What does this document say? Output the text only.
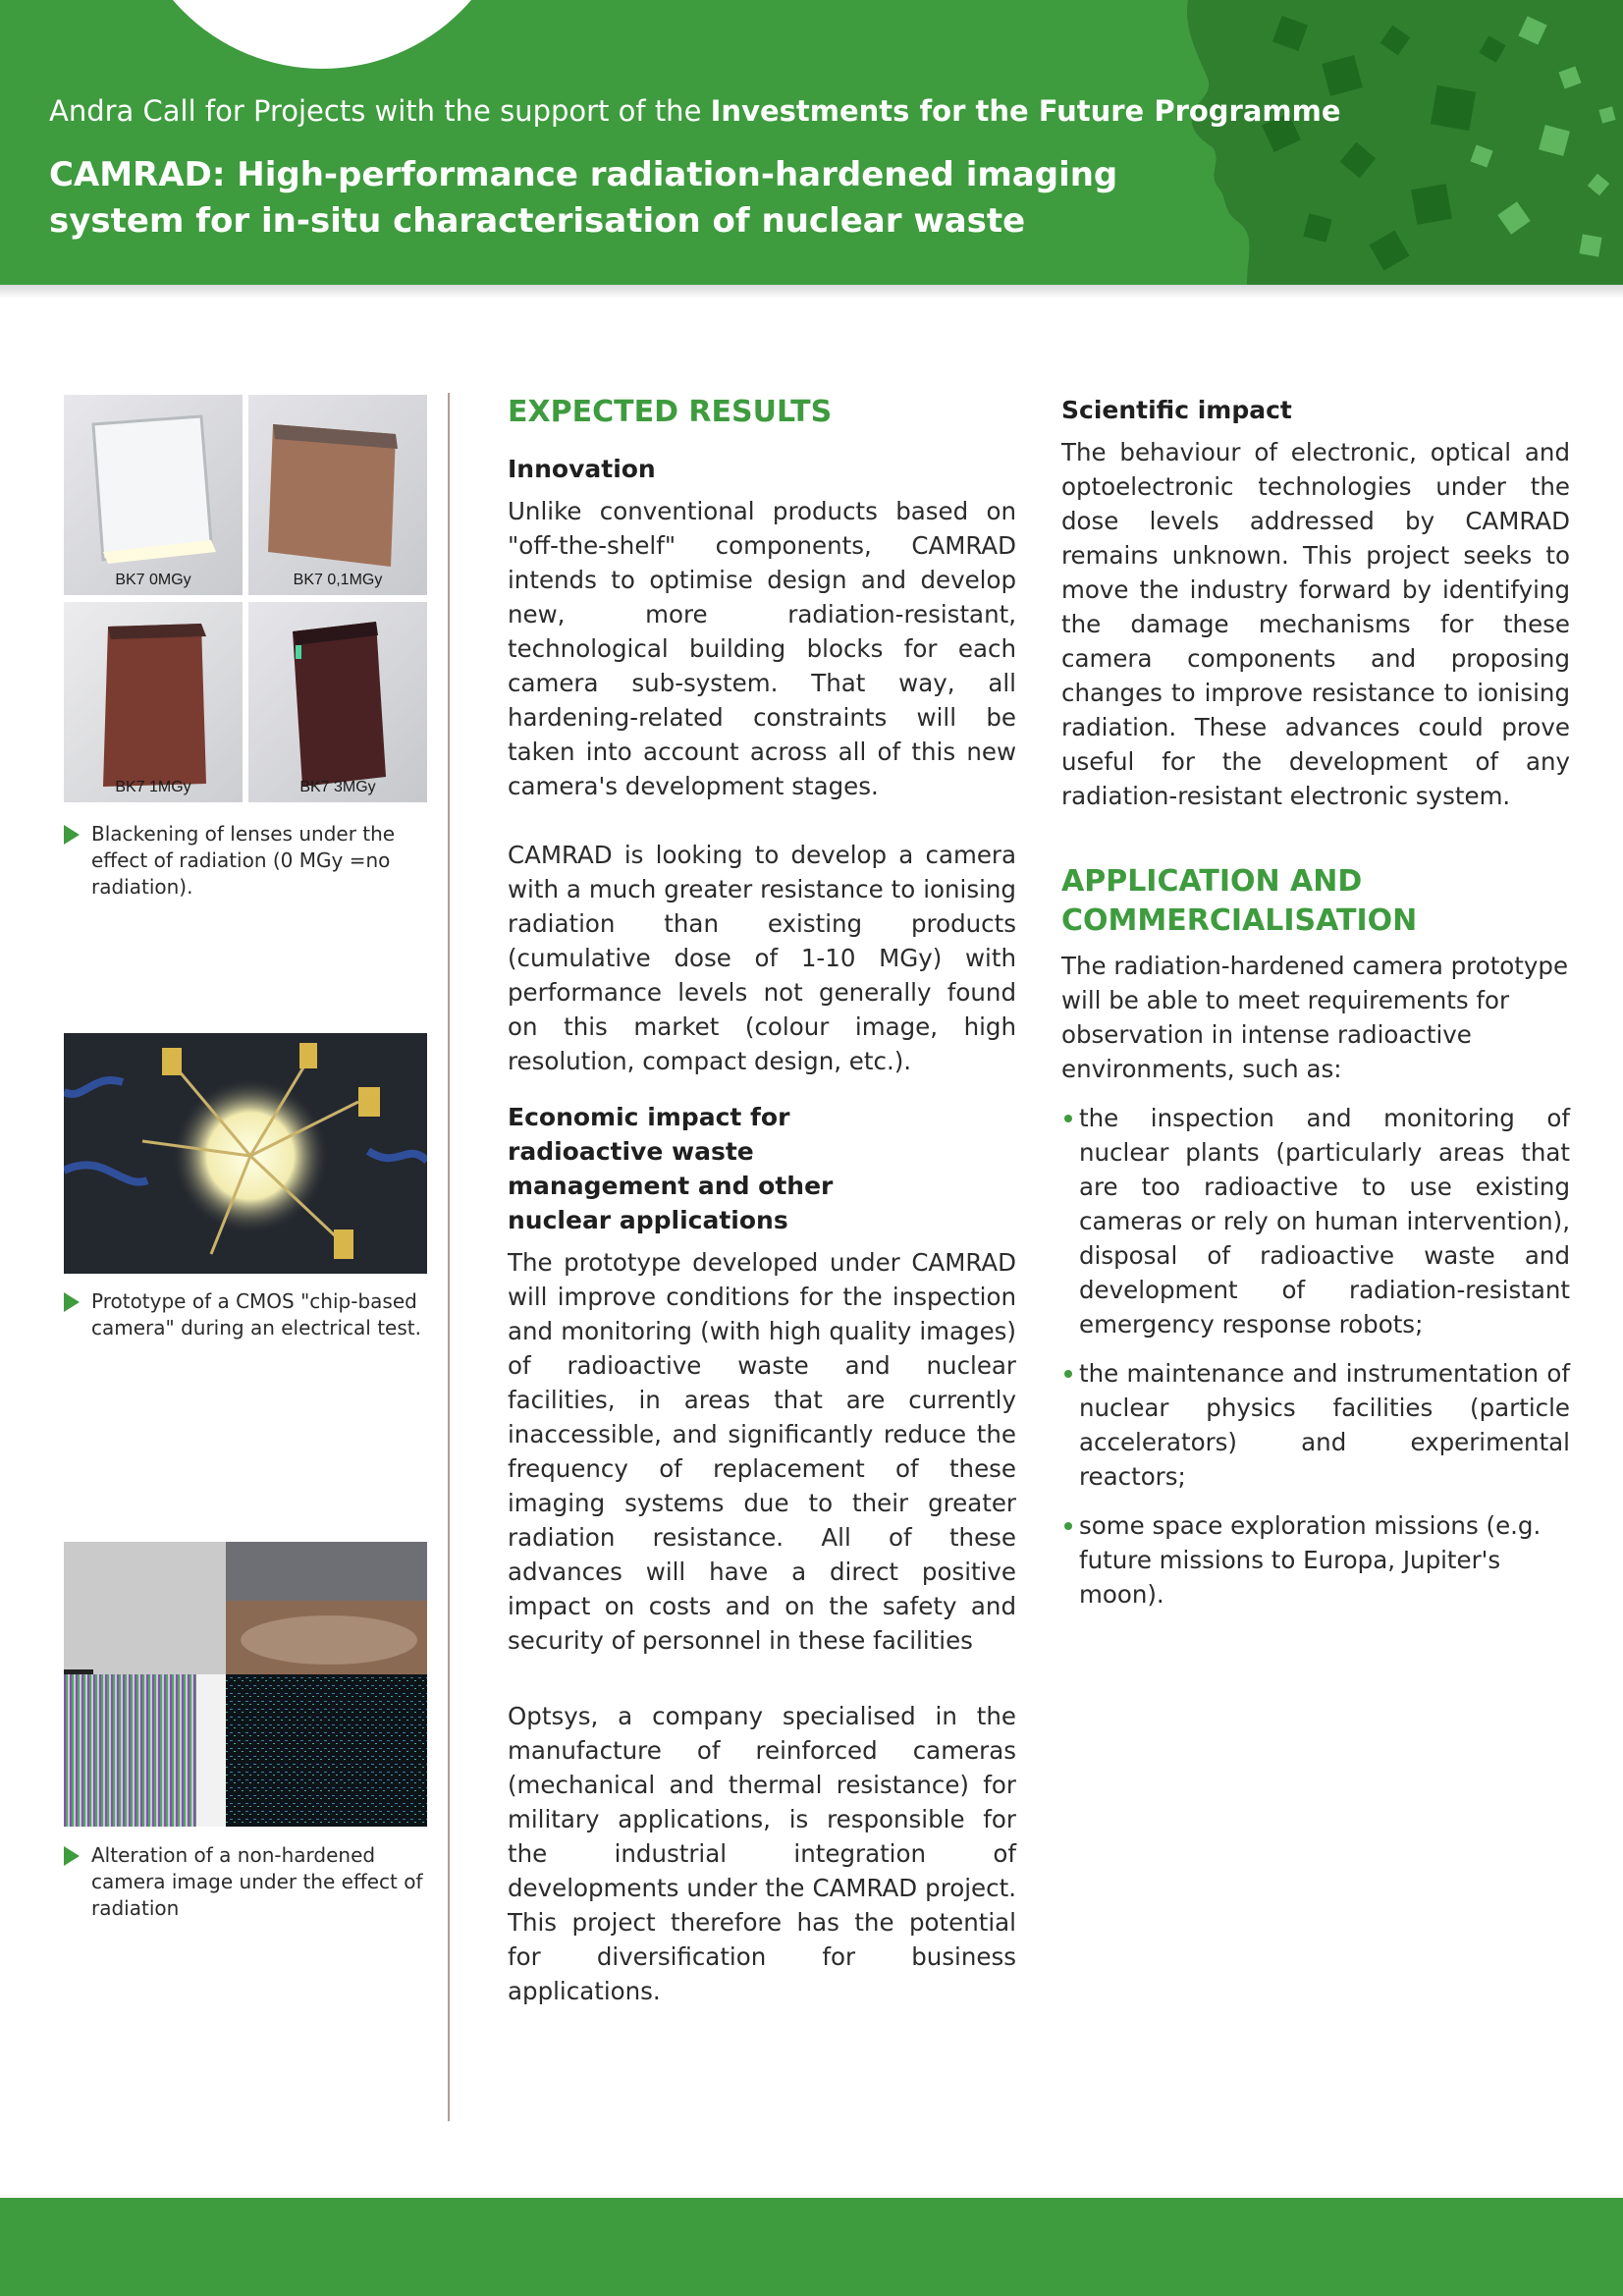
Andra Call for Projects with the support of the Investments for the Future Programme
CAMRAD: High-performance radiation-hardened imaging system for in-situ characterisation of nuclear waste
BK7 0MGy	BK7 0,1MGy
BK7 1MGy	BK7 3MGy
Blackening of lenses under the effect of radiation (0 MGy =no radiation).
Prototype of a CMOS "chip-based camera" during an electrical test.
Alteration of a non-hardened camera image under the effect of radiation
EXPECTED RESULTS
Innovation

Unlike conventional products based on "off-the-shelf" components, CAMRAD intends to optimise design and develop new, more radiation-resistant, technological building blocks for each camera sub-system. That way, all hardening-related constraints will be taken into account across all of this new camera's development stages.

CAMRAD is looking to develop a camera with a much greater resistance to ionising radiation than existing products (cumulative dose of 1-10 MGy) with performance levels not generally found on this market (colour image, high resolution, compact design, etc.).

Economic impact for radioactive waste management and other nuclear applications

The prototype developed under CAMRAD will improve conditions for the inspection and monitoring (with high quality images) of radioactive waste and nuclear facilities, in areas that are currently inaccessible, and significantly reduce the frequency of replacement of these imaging systems due to their greater radiation resistance. All of these advances will have a direct positive impact on costs and on the safety and security of personnel in these facilities

Optsys, a company specialised in the manufacture of reinforced cameras (mechanical and thermal resistance) for military applications, is responsible for the industrial integration of developments under the CAMRAD project. This project therefore has the potential for diversification for business applications.

Scientific impact

The behaviour of electronic, optical and optoelectronic technologies under the dose levels addressed by CAMRAD remains unknown. This project seeks to move the industry forward by identifying the damage mechanisms for these camera components and proposing changes to improve resistance to ionising radiation. These advances could prove useful for the development of any radiation-resistant electronic system.

APPLICATION AND
COMMERCIALISATION

The radiation-hardened camera prototype will be able to meet requirements for observation in intense radioactive environments, such as:

the inspection and monitoring of nuclear plants (particularly areas that are too radioactive to use existing cameras or rely on human intervention), disposal of radioactive waste and development of radiation-resistant emergency response robots;
the maintenance and instrumentation of nuclear physics facilities (particle accelerators) and experimental reactors;
some space exploration missions (e.g. future missions to Europa, Jupiter's moon).
